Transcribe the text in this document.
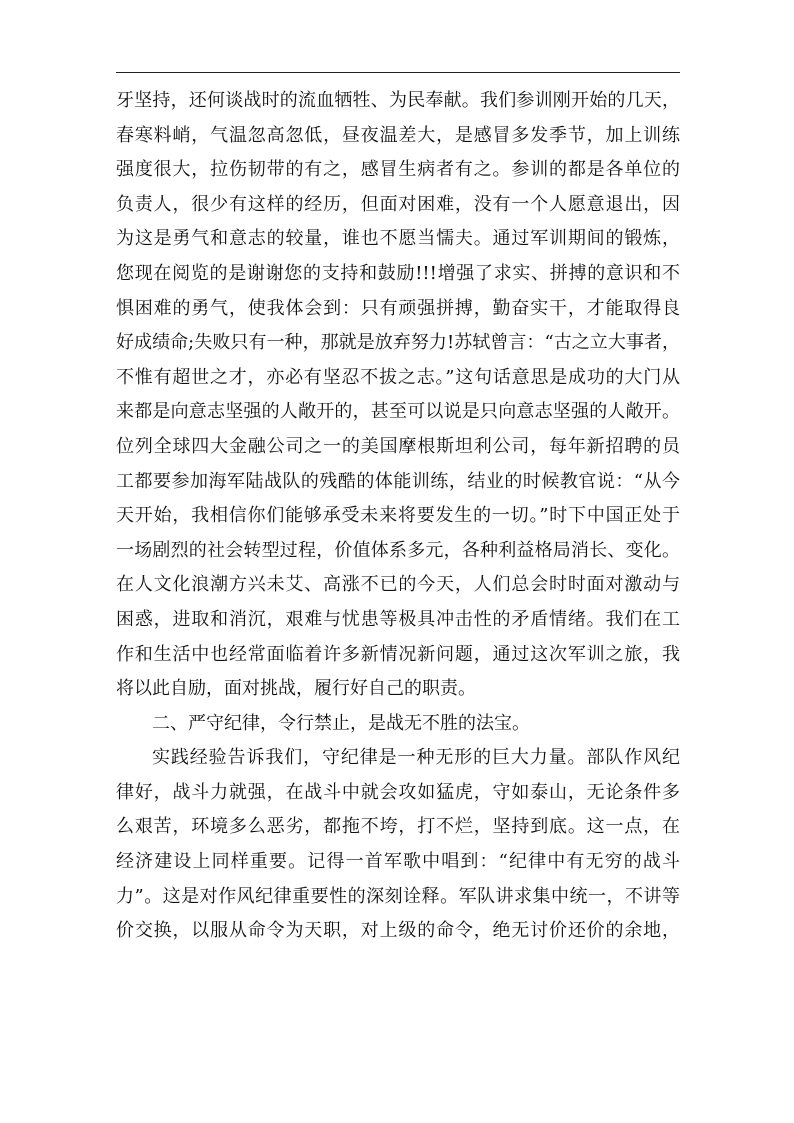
牙坚持，还何谈战时的流血牺牲、为民奉献。我们参训刚开始的几天，
春寒料峭，气温忽高忽低，昼夜温差大，是感冒多发季节，加上训练
强度很大，拉伤韧带的有之，感冒生病者有之。参训的都是各单位的
负责人，很少有这样的经历，但面对困难，没有一个人愿意退出，因
为这是勇气和意志的较量，谁也不愿当懦夫。通过军训期间的锻炼，
您现在阅览的是谢谢您的支持和鼓励!!!增强了求实、拼搏的意识和不
惧困难的勇气，使我体会到：只有顽强拼搏，勤奋实干，才能取得良
好成绩命;失败只有一种，那就是放弃努力!苏轼曾言：“古之立大事者，
不惟有超世之才，亦必有坚忍不拔之志。”这句话意思是成功的大门从
来都是向意志坚强的人敞开的，甚至可以说是只向意志坚强的人敞开。
位列全球四大金融公司之一的美国摩根斯坦利公司，每年新招聘的员
工都要参加海军陆战队的残酷的体能训练，结业的时候教官说：“从今
天开始，我相信你们能够承受未来将要发生的一切。”时下中国正处于
一场剧烈的社会转型过程，价值体系多元，各种利益格局消长、变化。
在人文化浪潮方兴未艾、高涨不已的今天，人们总会时时面对激动与
困惑，进取和消沉，艰难与忧患等极具冲击性的矛盾情绪。我们在工
作和生活中也经常面临着许多新情况新问题，通过这次军训之旅，我
将以此自励，面对挑战，履行好自己的职责。
二、严守纪律，令行禁止，是战无不胜的法宝。
实践经验告诉我们，守纪律是一种无形的巨大力量。部队作风纪
律好，战斗力就强，在战斗中就会攻如猛虎，守如泰山，无论条件多
么艰苦，环境多么恶劣，都拖不垮，打不烂，坚持到底。这一点，在
经济建设上同样重要。记得一首军歌中唱到：“纪律中有无穷的战斗
力”。这是对作风纪律重要性的深刻诠释。军队讲求集中统一，不讲等
价交换，以服从命令为天职，对上级的命令，绝无讨价还价的余地，
